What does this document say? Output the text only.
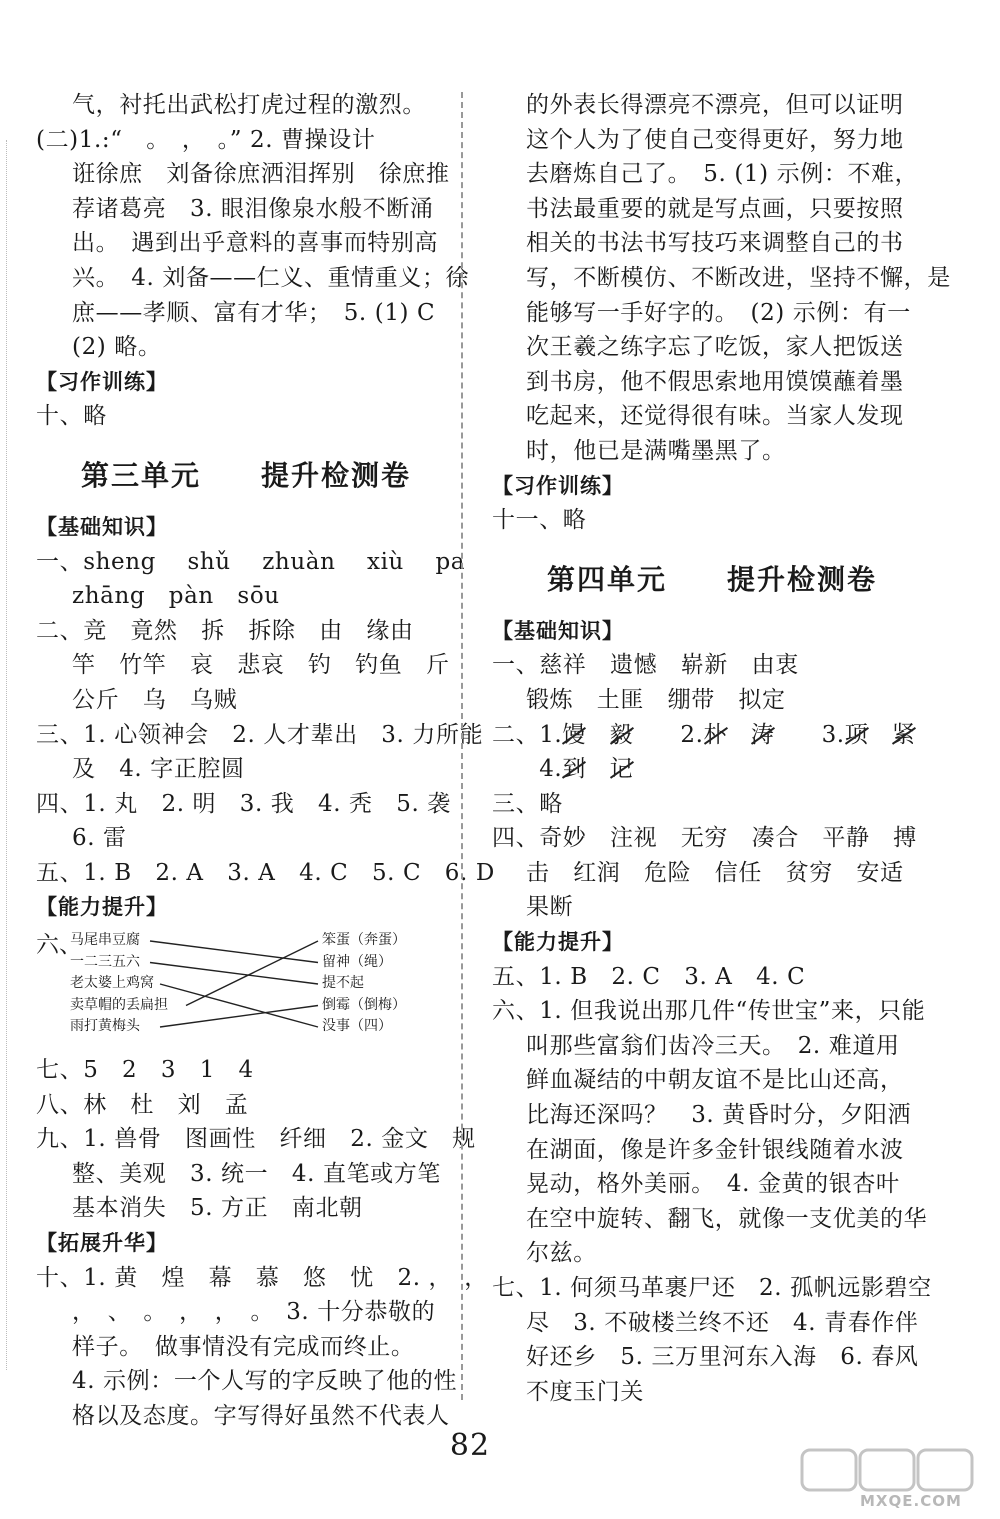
气，衬托出武松打虎过程的激烈。
(二)1.:“　。　，　。” 2. 曹操设计
诳徐庶　刘备徐庶洒泪挥别　徐庶推
荐诸葛亮　3. 眼泪像泉水般不断涌
出。　遇到出乎意料的喜事而特别高
兴。　4. 刘备——仁义、重情重义；徐
庶——孝顺、富有才华；　5. (1) C
(2) 略。
【习作训练】
十、略
第三单元　　 提升检测卷
【基础知识】
一、sheng　 shǔ　 zhuàn　 xiù　 pa
zhāng　pàn　sōu
二、竞　竟然　拆　拆除　由　缘由
竿　竹竿　哀　悲哀　钓　钓鱼　斤
公斤　乌　乌贼
三、1. 心领神会　2. 人才辈出　3. 力所能
及　4. 字正腔圆
四、1. 丸　2. 明　3. 我　4. 秃　5. 袭
6. 雷
五、1. B　2. A　3. A　4. C　5. C　6. D
【能力提升】
六、
马尾串豆腐
一二三五六
老太婆上鸡窝
卖草帽的丢扁担
雨打黄梅头
笨蛋（奔蛋）
留神（绳）
提不起
倒霉（倒梅）
没事（四）
七、5　2　3　1　4
八、林　杜　刘　孟
九、1. 兽骨　图画性　纤细　2. 金文　规
整、美观　3. 统一　4. 直笔或方笔
基本消失　5. 方正　南北朝
【拓展升华】
十、1. 黄　煌　幕　慕　悠　忧　2. ，　，
，　、　。　，　，　。　3. 十分恭敬的
样子。　做事情没有完成而终止。
4. 示例：一个人写的字反映了他的性
格以及态度。字写得好虽然不代表人
的外表长得漂亮不漂亮，但可以证明
这个人为了使自己变得更好，努力地
去磨炼自己了。　5. (1) 示例：不难，
书法最重要的就是写点画，只要按照
相关的书法书写技巧来调整自己的书
写，不断模仿、不断改进，坚持不懈，是
能够写一手好字的。　(2) 示例：有一
次王羲之练字忘了吃饭，家人把饭送
到书房，他不假思索地用馍馍蘸着墨
吃起来，还觉得很有味。当家人发现
时，他已是满嘴墨黑了。
【习作训练】
十一、略
第四单元　　 提升检测卷
【基础知识】
一、慈祥　遗憾　崭新　由衷
锻炼　土匪　绷带　拟定
二、1.馒　 毅　　 2.朴　 涛　　 3.项　 紧　　
　　4.到　 记　　
三、略
四、奇妙　注视　无穷　凑合　平静　搏
击　红润　危险　信任　贫穷　安适
果断
【能力提升】
五、1. B　2. C　3. A　4. C
六、1. 但我说出那几件“传世宝”来，只能
叫那些富翁们齿冷三天。　2. 难道用
鲜血凝结的中朝友谊不是比山还高，
比海还深吗？　3. 黄昏时分，夕阳洒
在湖面，像是许多金针银线随着水波
晃动，格外美丽。　4. 金黄的银杏叶
在空中旋转、翻飞，就像一支优美的华
尔兹。
七、1. 何须马革裹尸还　2. 孤帆远影碧空
尽　3. 不破楼兰终不还　4. 青春作伴
好还乡　5. 三万里河东入海　6. 春风
不度玉门关
82
MXQE.COM
